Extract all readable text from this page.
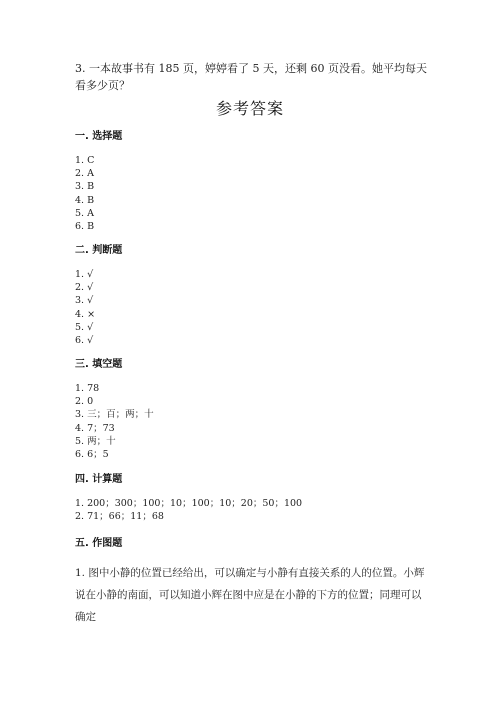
3. 一本故事书有 185 页，婷婷看了 5 天，还剩 60 页没看。她平均每天看多少页？
参考答案
一. 选择题
1. C
2. A
3. B
4. B
5. A
6. B
二. 判断题
1. √
2. √
3. √
4. ×
5. √
6. √
三. 填空题
1. 78
2. 0
3. 三；百；两；十
4. 7；73
5. 两；十
6. 6；5
四. 计算题
1. 200；300；100；10；100；10；20；50；100
2. 71；66；11；68
五. 作图题
1. 图中小静的位置已经给出，可以确定与小静有直接关系的人的位置。小辉说在小静的南面，可以知道小辉在图中应是在小静的下方的位置；同理可以确定
